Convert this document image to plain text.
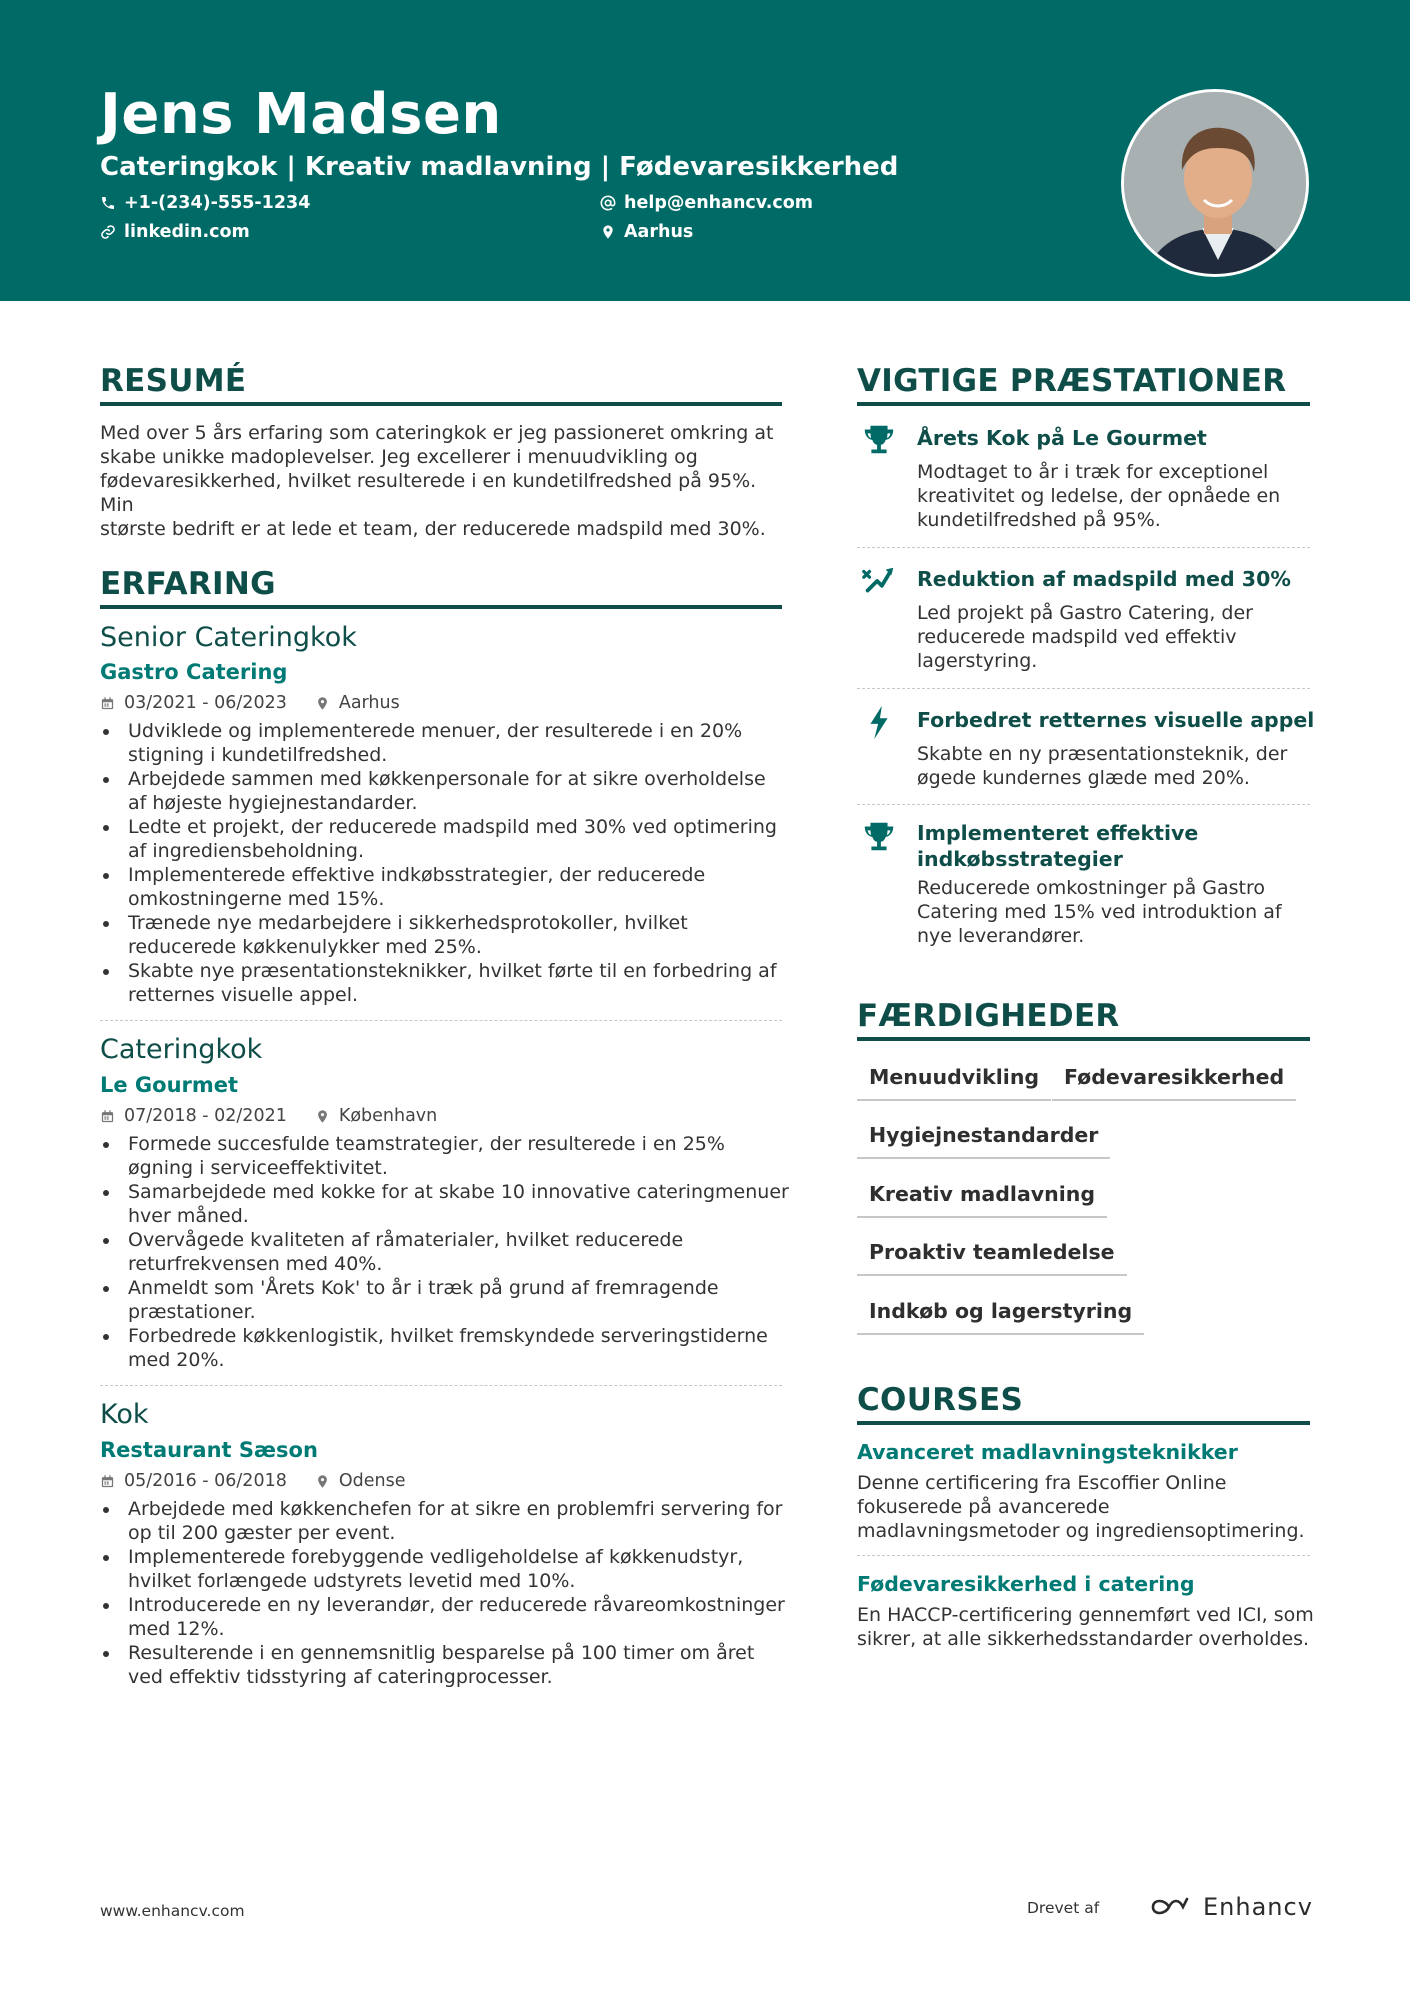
Jens Madsen
Cateringkok | Kreativ madlavning | Fødevaresikkerhed
+1-(234)-555-1234	help@enhancv.com
linkedin.com	Aarhus
RESUMÉ
Med over 5 års erfaring som cateringkok er jeg passioneret omkring at
skabe unikke madoplevelser. Jeg excellerer i menuudvikling og
fødevaresikkerhed, hvilket resulterede i en kundetilfredshed på 95%. Min
største bedrift er at lede et team, der reducerede madspild med 30%.
ERFARING
Senior Cateringkok
Gastro Catering
03/2021 - 06/2023	Aarhus
Udviklede og implementerede menuer, der resulterede i en 20% stigning i kundetilfredshed.
Arbejdede sammen med køkkenpersonale for at sikre overholdelse af højeste hygiejnestandarder.
Ledte et projekt, der reducerede madspild med 30% ved optimering af ingrediensbeholdning.
Implementerede effektive indkøbsstrategier, der reducerede omkostningerne med 15%.
Trænede nye medarbejdere i sikkerhedsprotokoller, hvilket reducerede køkkenulykker med 25%.
Skabte nye præsentationsteknikker, hvilket førte til en forbedring af retternes visuelle appel.
Cateringkok
Le Gourmet
07/2018 - 02/2021	København
Formede succesfulde teamstrategier, der resulterede i en 25% øgning i serviceeffektivitet.
Samarbejdede med kokke for at skabe 10 innovative cateringmenuer hver måned.
Overvågede kvaliteten af råmaterialer, hvilket reducerede returfrekvensen med 40%.
Anmeldt som 'Årets Kok' to år i træk på grund af fremragende præstationer.
Forbedrede køkkenlogistik, hvilket fremskyndede serveringstiderne med 20%.
Kok
Restaurant Sæson
05/2016 - 06/2018	Odense
Arbejdede med køkkenchefen for at sikre en problemfri servering for op til 200 gæster per event.
Implementerede forebyggende vedligeholdelse af køkkenudstyr, hvilket forlængede udstyrets levetid med 10%.
Introducerede en ny leverandør, der reducerede råvareomkostninger med 12%.
Resulterende i en gennemsnitlig besparelse på 100 timer om året ved effektiv tidsstyring af cateringprocesser.
VIGTIGE PRÆSTATIONER
Årets Kok på Le Gourmet
Modtaget to år i træk for exceptionel kreativitet og ledelse, der opnåede en kundetilfredshed på 95%.
Reduktion af madspild med 30%
Led projekt på Gastro Catering, der reducerede madspild ved effektiv lagerstyring.
Forbedret retternes visuelle appel
Skabte en ny præsentationsteknik, der øgede kundernes glæde med 20%.
Implementeret effektive indkøbsstrategier
Reducerede omkostninger på Gastro Catering med 15% ved introduktion af nye leverandører.
FÆRDIGHEDER
Menuudvikling	Fødevaresikkerhed
Hygiejnestandarder
Kreativ madlavning
Proaktiv teamledelse
Indkøb og lagerstyring
COURSES
Avanceret madlavningsteknikker
Denne certificering fra Escoffier Online fokuserede på avancerede madlavningsmetoder og ingrediensoptimering.
Fødevaresikkerhed i catering
En HACCP-certificering gennemført ved ICI, som sikrer, at alle sikkerhedsstandarder overholdes.
www.enhancv.com	Drevet af	Enhancv
